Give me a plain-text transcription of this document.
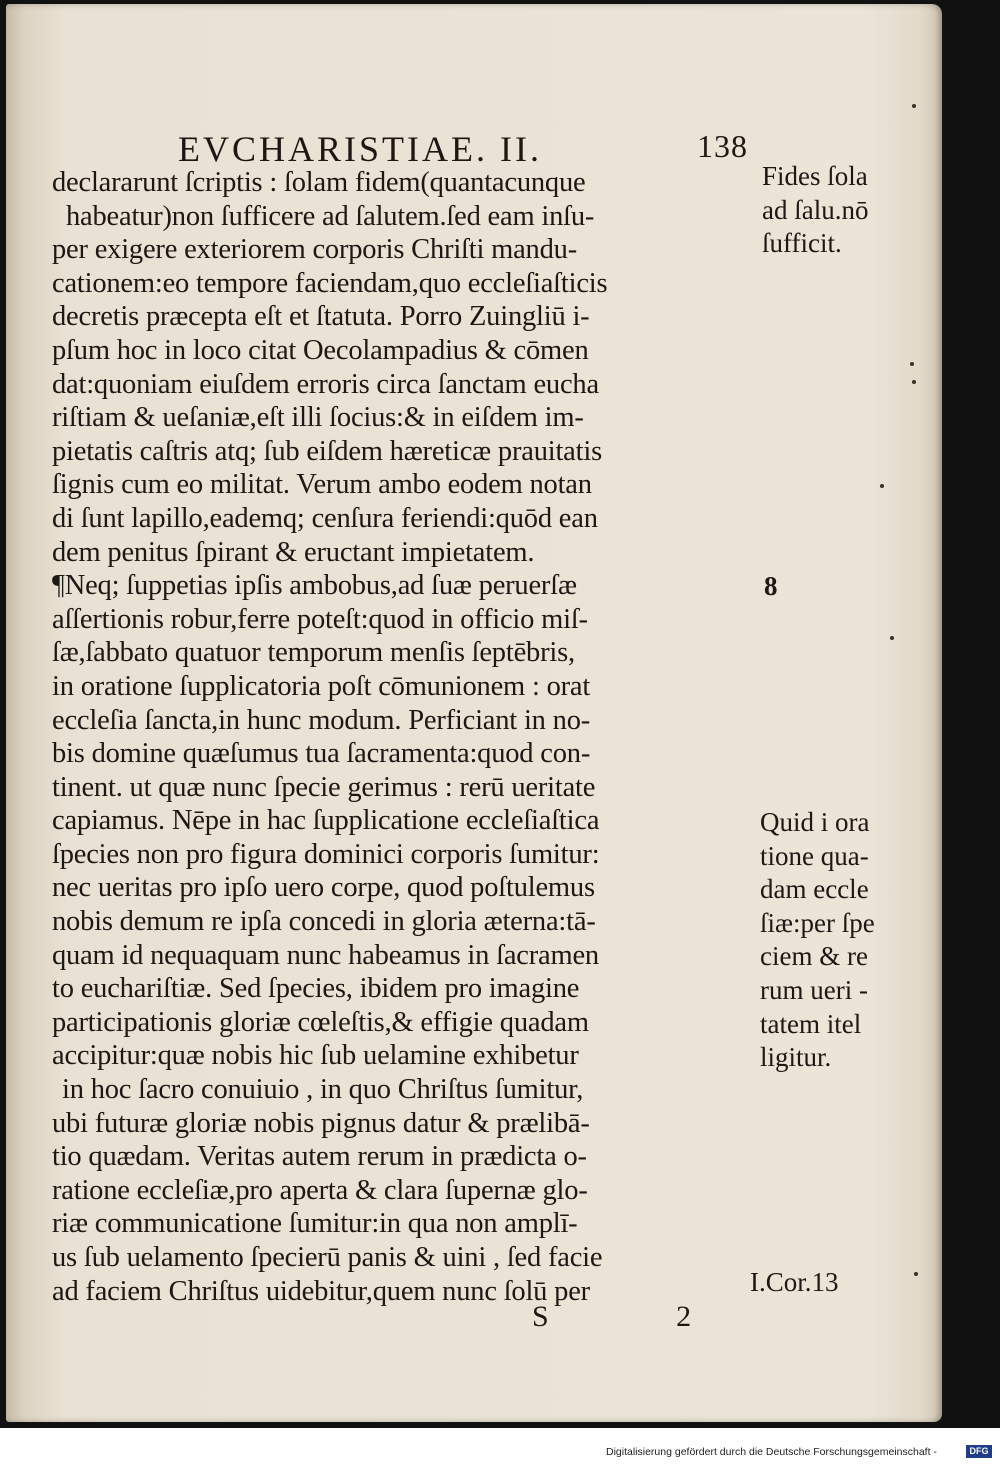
EVCHARISTIAE. II.	138
declararunt ſcriptis : ſolam fidem(quantacunque
habeatur)non ſufficere ad ſalutem.ſed eam inſu-
per exigere exteriorem corporis Chriſti mandu-
cationem:eo tempore faciendam,quo eccleſiaſticis
decretis præcepta eſt et ſtatuta. Porro Zuingliū i-
pſum hoc in loco citat Oecolampadius & cōmen
dat:quoniam eiuſdem erroris circa ſanctam eucha
riſtiam & ueſaniæ,eſt illi ſocius:& in eiſdem im-
pietatis caſtris atq; ſub eiſdem hæreticæ prauitatis
ſignis cum eo militat. Verum ambo eodem notan
di ſunt lapillo,eademq; cenſura feriendi:quōd ean
dem penitus ſpirant & eructant impietatem.
¶Neq; ſuppetias ipſis ambobus,ad ſuæ peruerſæ
aſſertionis robur,ferre poteſt:quod in officio miſ-
ſæ,ſabbato quatuor temporum menſis ſeptēbris,
in oratione ſupplicatoria poſt cōmunionem : orat
eccleſia ſancta,in hunc modum. Perficiant in no-
bis domine quæſumus tua ſacramenta:quod con-
tinent. ut quæ nunc ſpecie gerimus : rerū ueritate
capiamus. Nēpe in hac ſupplicatione eccleſiaſtica
ſpecies non pro figura dominici corporis ſumitur:
nec ueritas pro ipſo uero corpe, quod poſtulemus
nobis demum re ipſa concedi in gloria æterna:tā-
quam id nequaquam nunc habeamus in ſacramen
to euchariſtiæ. Sed ſpecies, ibidem pro imagine
participationis gloriæ cœleſtis,& effigie quadam
accipitur:quæ nobis hic ſub uelamine exhibetur
in hoc ſacro conuiuio , in quo Chriſtus ſumitur,
ubi futuræ gloriæ nobis pignus datur & prælibā-
tio quædam. Veritas autem rerum in prædicta o-
ratione eccleſiæ,pro aperta & clara ſupernæ glo-
riæ communicatione ſumitur:in qua non amplī-
us ſub uelamento ſpecierū panis & uini , ſed facie
ad faciem Chriſtus uidebitur,quem nunc ſolū per
Fides ſola
ad ſalu.nō
ſufficit.
8
Quid i ora
tione qua-
dam eccle
ſiæ:per ſpe
ciem & re
rum ueri -
tatem itel
ligitur.
I.Cor.13
S 2
Digitalisierung gefördert durch die Deutsche Forschungsgemeinschaft -	DFG
